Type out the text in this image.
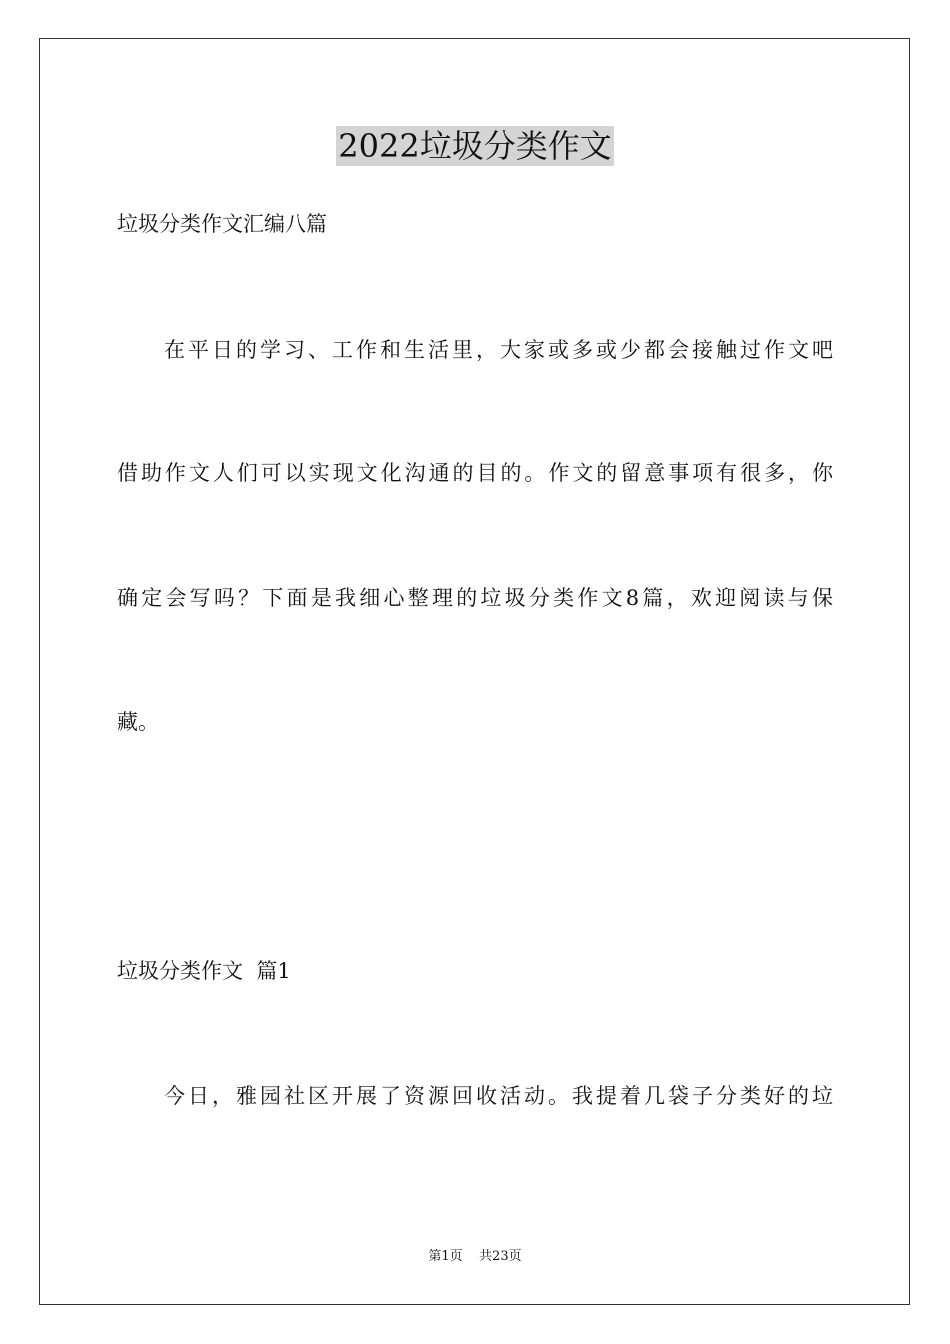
2022垃圾分类作文
垃圾分类作文汇编八篇
在平日的学习、工作和生活里，大家或多或少都会接触过作文吧
借助作文人们可以实现文化沟通的目的。作文的留意事项有很多，你
确定会写吗？下面是我细心整理的垃圾分类作文8篇，欢迎阅读与保
藏。
垃圾分类作文  篇1
今日，雅园社区开展了资源回收活动。我提着几袋子分类好的垃
第1页    共23页
